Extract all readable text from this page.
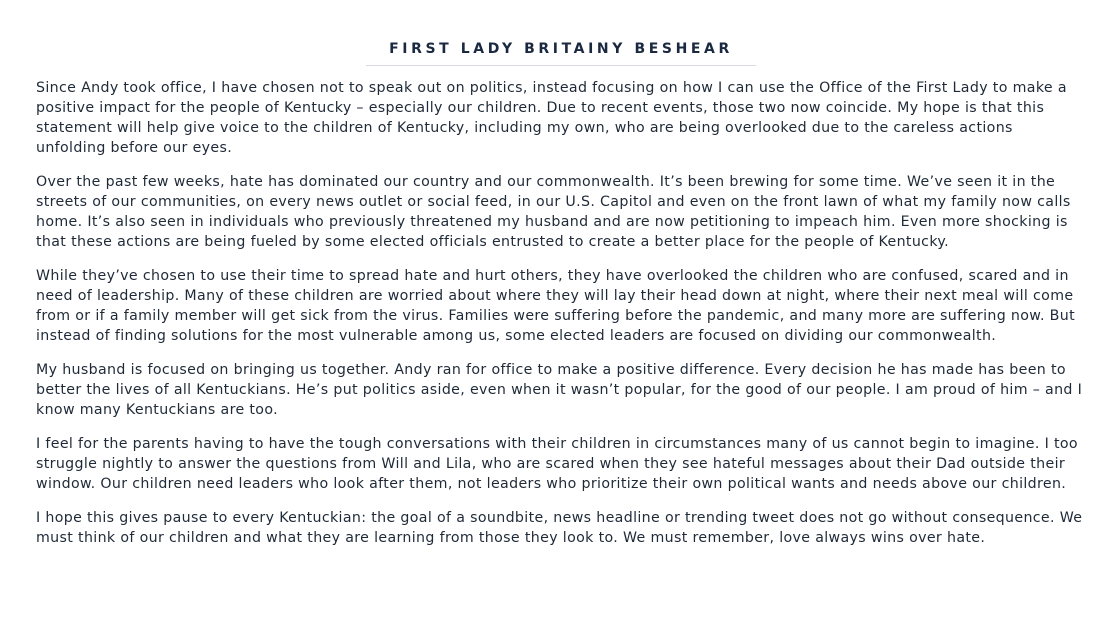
FIRST LADY BRITAINY BESHEAR

Since Andy took office, I have chosen not to speak out on politics, instead focusing on how I can use the Office of the First Lady to make a positive impact for the people of Kentucky – especially our children. Due to recent events, those two now coincide. My hope is that this statement will help give voice to the children of Kentucky, including my own, who are being overlooked due to the careless actions unfolding before our eyes.

Over the past few weeks, hate has dominated our country and our commonwealth. It’s been brewing for some time. We’ve seen it in the streets of our communities, on every news outlet or social feed, in our U.S. Capitol and even on the front lawn of what my family now calls home. It’s also seen in individuals who previously threatened my husband and are now petitioning to impeach him. Even more shocking is that these actions are being fueled by some elected officials entrusted to create a better place for the people of Kentucky.

While they’ve chosen to use their time to spread hate and hurt others, they have overlooked the children who are confused, scared and in need of leadership. Many of these children are worried about where they will lay their head down at night, where their next meal will come from or if a family member will get sick from the virus. Families were suffering before the pandemic, and many more are suffering now. But instead of finding solutions for the most vulnerable among us, some elected leaders are focused on dividing our commonwealth.

My husband is focused on bringing us together. Andy ran for office to make a positive difference. Every decision he has made has been to better the lives of all Kentuckians. He’s put politics aside, even when it wasn’t popular, for the good of our people. I am proud of him – and I know many Kentuckians are too.

I feel for the parents having to have the tough conversations with their children in circumstances many of us cannot begin to imagine. I too struggle nightly to answer the questions from Will and Lila, who are scared when they see hateful messages about their Dad outside their window. Our children need leaders who look after them, not leaders who prioritize their own political wants and needs above our children.

I hope this gives pause to every Kentuckian: the goal of a soundbite, news headline or trending tweet does not go without consequence. We must think of our children and what they are learning from those they look to. We must remember, love always wins over hate.
